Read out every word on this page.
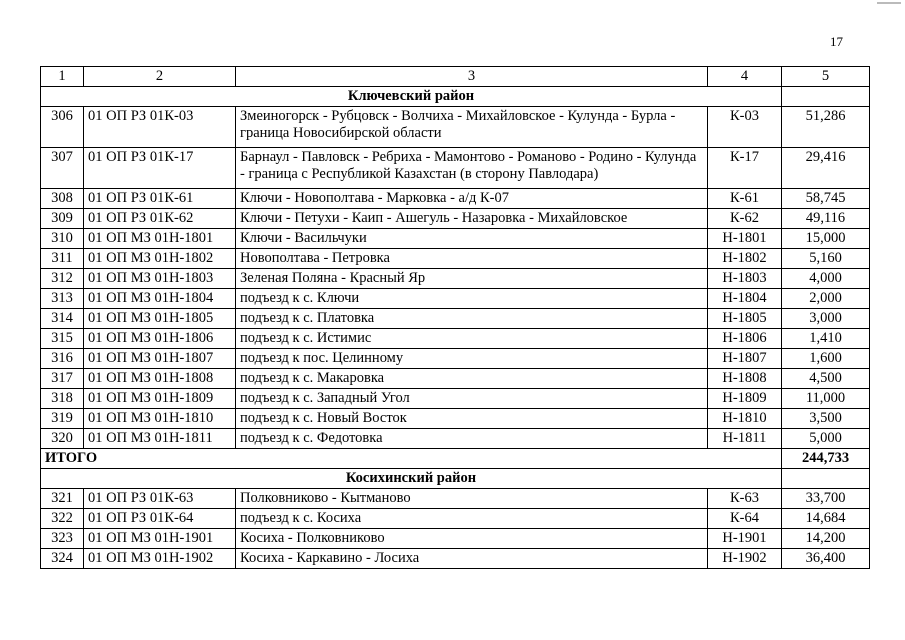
17
1	2	3	4	5
Ключевский район				
306	01 ОП РЗ 01К-03	Змеиногорск - Рубцовск - Волчиха - Михайловское - Кулунда - Бурла - граница Новосибирской области	К-03	51,286
307	01 ОП РЗ 01К-17	Барнаул - Павловск - Ребриха - Мамонтово - Романово - Родино - Кулунда - граница с Республикой Казахстан (в сторону Павлодара)	К-17	29,416
308	01 ОП РЗ 01К-61	Ключи - Новополтава - Марковка - а/д К-07	К-61	58,745
309	01 ОП РЗ 01К-62	Ключи - Петухи - Каип - Ашегуль - Назаровка - Михайловское	К-62	49,116
310	01 ОП МЗ 01Н-1801	Ключи - Васильчуки	Н-1801	15,000
311	01 ОП МЗ 01Н-1802	Новополтава - Петровка	Н-1802	5,160
312	01 ОП МЗ 01Н-1803	Зеленая Поляна - Красный Яр	Н-1803	4,000
313	01 ОП МЗ 01Н-1804	подъезд к с. Ключи	Н-1804	2,000
314	01 ОП МЗ 01Н-1805	подъезд к с. Платовка	Н-1805	3,000
315	01 ОП МЗ 01Н-1806	подъезд к с. Истимис	Н-1806	1,410
316	01 ОП МЗ 01Н-1807	подъезд к пос. Целинному	Н-1807	1,600
317	01 ОП МЗ 01Н-1808	подъезд к с. Макаровка	Н-1808	4,500
318	01 ОП МЗ 01Н-1809	подъезд к с. Западный Угол	Н-1809	11,000
319	01 ОП МЗ 01Н-1810	подъезд к с. Новый Восток	Н-1810	3,500
320	01 ОП МЗ 01Н-1811	подъезд к с. Федотовка	Н-1811	5,000
ИТОГО				244,733
Косихинский район				
321	01 ОП РЗ 01К-63	Полковниково - Кытманово	К-63	33,700
322	01 ОП РЗ 01К-64	подъезд к с. Косиха	К-64	14,684
323	01 ОП МЗ 01Н-1901	Косиха - Полковниково	Н-1901	14,200
324	01 ОП МЗ 01Н-1902	Косиха - Каркавино - Лосиха	Н-1902	36,400
